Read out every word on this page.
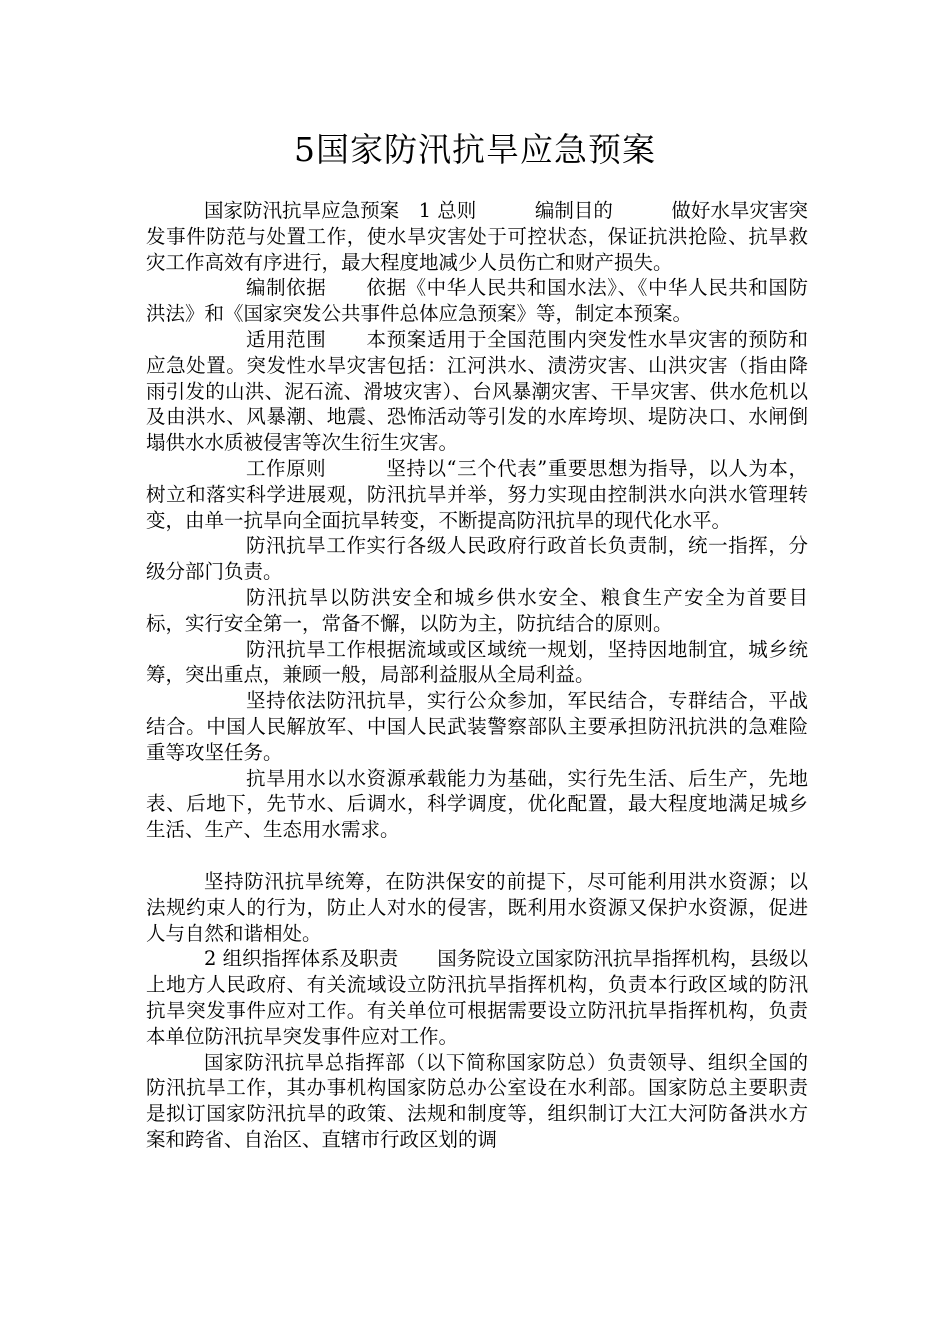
5国家防汛抗旱应急预案

国家防汛抗旱应急预案　1 总则　　　编制目的　　　做好水旱灾害突发事件防范与处置工作，使水旱灾害处于可控状态，保证抗洪抢险、抗旱救灾工作高效有序进行，最大程度地减少人员伤亡和财产损失。

编制依据　　依据《中华人民共和国水法》、《中华人民共和国防洪法》和《国家突发公共事件总体应急预案》等，制定本预案。

适用范围　　本预案适用于全国范围内突发性水旱灾害的预防和应急处置。突发性水旱灾害包括：江河洪水、渍涝灾害、山洪灾害（指由降雨引发的山洪、泥石流、滑坡灾害）、台风暴潮灾害、干旱灾害、供水危机以及由洪水、风暴潮、地震、恐怖活动等引发的水库垮坝、堤防决口、水闸倒塌供水水质被侵害等次生衍生灾害。

工作原则　　　坚持以“三个代表”重要思想为指导，以人为本，树立和落实科学进展观，防汛抗旱并举，努力实现由控制洪水向洪水管理转变，由单一抗旱向全面抗旱转变，不断提高防汛抗旱的现代化水平。

防汛抗旱工作实行各级人民政府行政首长负责制，统一指挥，分级分部门负责。

防汛抗旱以防洪安全和城乡供水安全、粮食生产安全为首要目标，实行安全第一，常备不懈，以防为主，防抗结合的原则。

防汛抗旱工作根据流域或区域统一规划，坚持因地制宜，城乡统筹，突出重点，兼顾一般，局部利益服从全局利益。

坚持依法防汛抗旱，实行公众参加，军民结合，专群结合，平战结合。中国人民解放军、中国人民武装警察部队主要承担防汛抗洪的急难险重等攻坚任务。

抗旱用水以水资源承载能力为基础，实行先生活、后生产，先地表、后地下，先节水、后调水，科学调度，优化配置，最大程度地满足城乡生活、生产、生态用水需求。

坚持防汛抗旱统筹，在防洪保安的前提下，尽可能利用洪水资源；以法规约束人的行为，防止人对水的侵害，既利用水资源又保护水资源，促进人与自然和谐相处。

2 组织指挥体系及职责　　国务院设立国家防汛抗旱指挥机构，县级以上地方人民政府、有关流域设立防汛抗旱指挥机构，负责本行政区域的防汛抗旱突发事件应对工作。有关单位可根据需要设立防汛抗旱指挥机构，负责本单位防汛抗旱突发事件应对工作。

国家防汛抗旱总指挥部（以下简称国家防总）负责领导、组织全国的防汛抗旱工作，其办事机构国家防总办公室设在水利部。国家防总主要职责是拟订国家防汛抗旱的政策、法规和制度等，组织制订大江大河防备洪水方案和跨省、自治区、直辖市行政区划的调
